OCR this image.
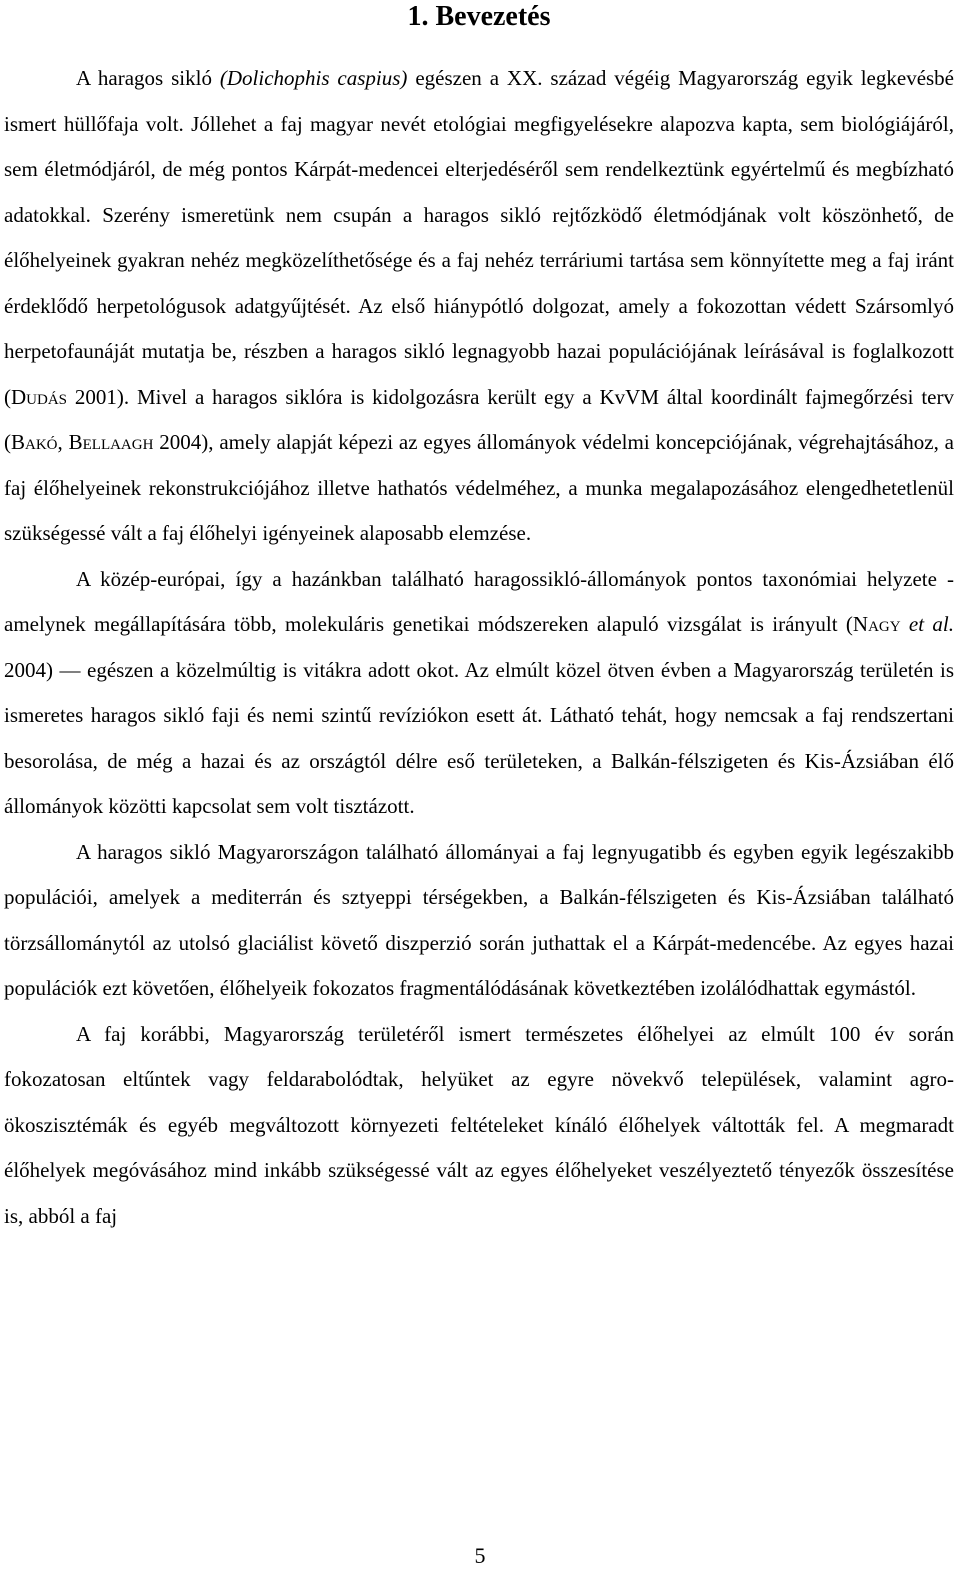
1. Bevezetés

A haragos sikló (Dolichophis caspius) egészen a XX. század végéig Magyarország egyik legkevésbé ismert hüllőfaja volt. Jóllehet a faj magyar nevét etológiai megfigyelésekre alapozva kapta, sem biológiájáról, sem életmódjáról, de még pontos Kárpát-medencei elterjedéséről sem rendelkeztünk egyértelmű és megbízható adatokkal. Szerény ismeretünk nem csupán a haragos sikló rejtőzködő életmódjának volt köszönhető, de élőhelyeinek gyakran nehéz megközelíthetősége és a faj nehéz terráriumi tartása sem könnyítette meg a faj iránt érdeklődő herpetológusok adatgyűjtését. Az első hiánypótló dolgozat, amely a fokozottan védett Szársomlyó herpetofaunáját mutatja be, részben a haragos sikló legnagyobb hazai populációjának leírásával is foglalkozott (Dudás 2001). Mivel a haragos siklóra is kidolgozásra került egy a KvVM által koordinált fajmegőrzési terv (Bakó, Bellaagh 2004), amely alapját képezi az egyes állományok védelmi koncepciójának, végrehajtásához, a faj élőhelyeinek rekonstrukciójához illetve hathatós védelméhez, a munka megalapozásához elengedhetetlenül szükségessé vált a faj élőhelyi igényeinek alaposabb elemzése.

A közép-európai, így a hazánkban található haragossikló-állományok pontos taxonómiai helyzete - amelynek megállapítására több, molekuláris genetikai módszereken alapuló vizsgálat is irányult (Nagy et al. 2004) — egészen a közelmúltig is vitákra adott okot. Az elmúlt közel ötven évben a Magyarország területén is ismeretes haragos sikló faji és nemi szintű revíziókon esett át. Látható tehát, hogy nemcsak a faj rendszertani besorolása, de még a hazai és az országtól délre eső területeken, a Balkán-félszigeten és Kis-Ázsiában élő állományok közötti kapcsolat sem volt tisztázott.

A haragos sikló Magyarországon található állományai a faj legnyugatibb és egyben egyik legészakibb populációi, amelyek a mediterrán és sztyeppi térségekben, a Balkán-félszigeten és Kis-Ázsiában található törzsállománytól az utolsó glaciálist követő diszperzió során juthattak el a Kárpát-medencébe. Az egyes hazai populációk ezt követően, élőhelyeik fokozatos fragmentálódásának következtében izolálódhattak egymástól.

A faj korábbi, Magyarország területéről ismert természetes élőhelyei az elmúlt 100 év során fokozatosan eltűntek vagy feldarabolódtak, helyüket az egyre növekvő települések, valamint agro-ökoszisztémák és egyéb megváltozott környezeti feltételeket kínáló élőhelyek váltották fel. A megmaradt élőhelyek megóvásához mind inkább szükségessé vált az egyes élőhelyeket veszélyeztető tényezők összesítése is, abból a faj

5
